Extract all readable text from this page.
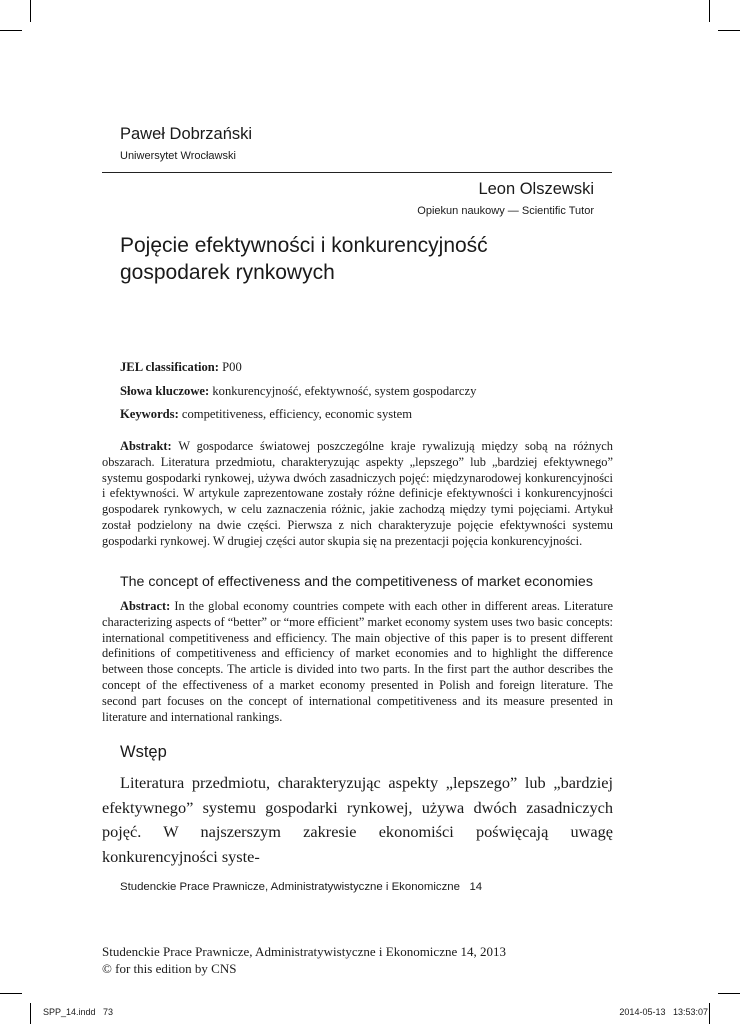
Paweł Dobrzański
Uniwersytet Wrocławski
Leon Olszewski
Opiekun naukowy — Scientific Tutor
Pojęcie efektywności i konkurencyjność
gospodarek rynkowych
JEL classification: P00
Słowa kluczowe: konkurencyjność, efektywność, system gospodarczy
Keywords: competitiveness, efficiency, economic system
Abstrakt: W gospodarce światowej poszczególne kraje rywalizują między sobą na różnych obszarach. Literatura przedmiotu, charakteryzując aspekty „lepszego” lub „bardziej efektywnego” systemu gospodarki rynkowej, używa dwóch zasadniczych pojęć: międzynarodowej konkurencyjności i efektywności. W artykule zaprezentowane zostały różne definicje efektywności i konkurencyjności gospodarek rynkowych, w celu zaznaczenia różnic, jakie zachodzą między tymi pojęciami. Artykuł został podzielony na dwie części. Pierwsza z nich charakteryzuje pojęcie efektywności systemu gospodarki rynkowej. W drugiej części autor skupia się na prezentacji pojęcia konkurencyjności.
The concept of effectiveness and the competitiveness of market economies
Abstract: In the global economy countries compete with each other in different areas. Literature characterizing aspects of “better” or “more efficient” market economy system uses two basic concepts: international competitiveness and efficiency. The main objective of this paper is to present different definitions of competitiveness and efficiency of market economies and to highlight the difference between those concepts. The article is divided into two parts. In the first part the author describes the concept of the effectiveness of a market economy presented in Polish and foreign literature. The second part focuses on the concept of international competitiveness and its measure presented in literature and international rankings.
Wstęp
Literatura przedmiotu, charakteryzując aspekty „lepszego” lub „bardziej efektywnego” systemu gospodarki rynkowej, używa dwóch zasadniczych pojęć. W najszerszym zakresie ekonomiści poświęcają uwagę konkurencyjności syste-
Studenckie Prace Prawnicze, Administratywistyczne i Ekonomiczne   14
Studenckie Prace Prawnicze, Administratywistyczne i Ekonomiczne 14, 2013
© for this edition by CNS
SPP_14.indd   73	2014-05-13   13:53:07
